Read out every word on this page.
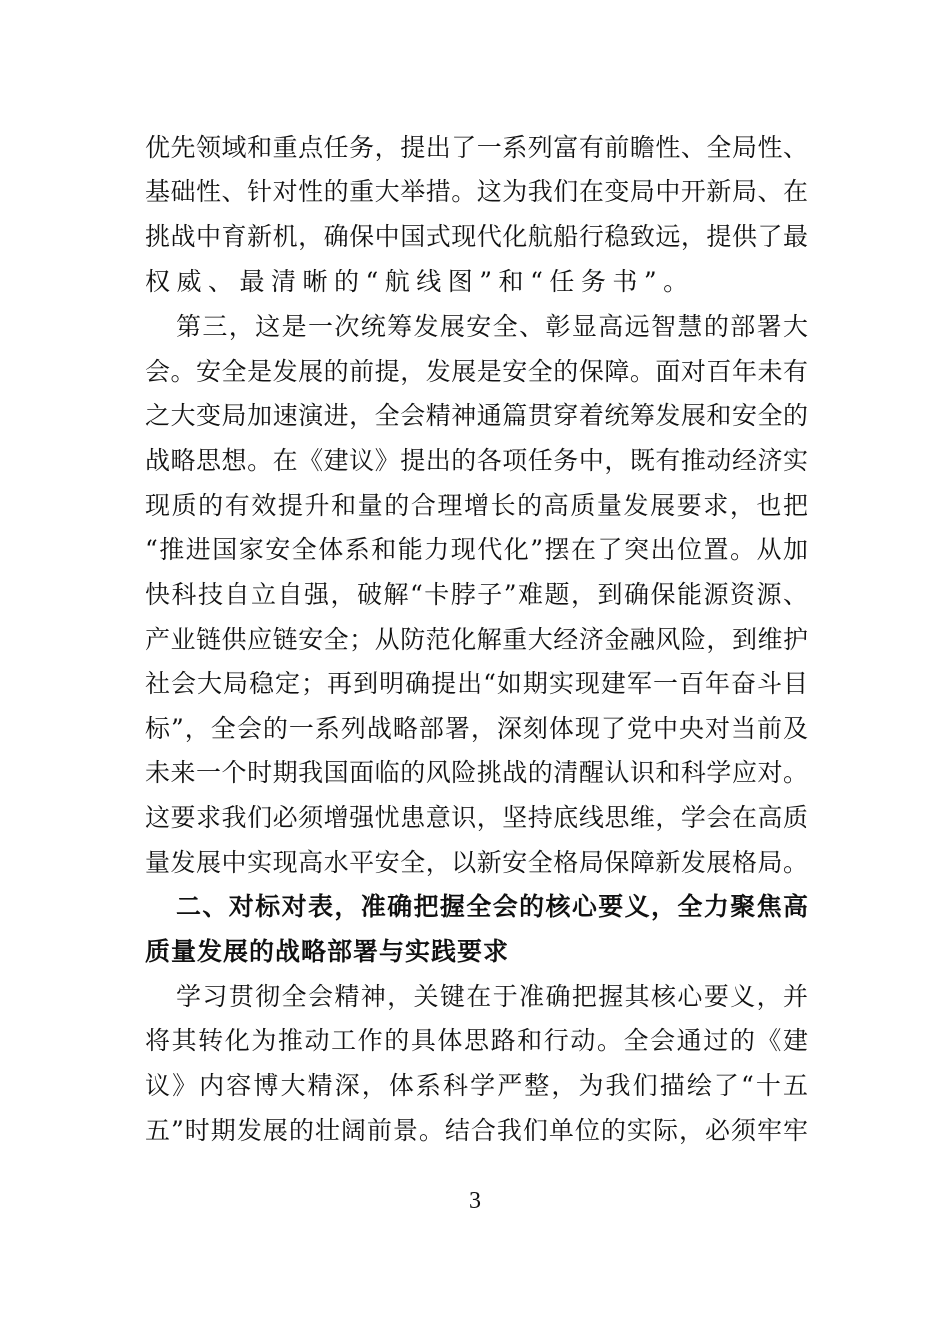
优先领域和重点任务，提出了一系列富有前瞻性、全局性、
基础性、针对性的重大举措。这为我们在变局中开新局、在
挑战中育新机，确保中国式现代化航船行稳致远，提供了最
权威、最清晰的“航线图”和“任务书”。
第三，这是一次统筹发展安全、彰显高远智慧的部署大
会。安全是发展的前提，发展是安全的保障。面对百年未有
之大变局加速演进，全会精神通篇贯穿着统筹发展和安全的
战略思想。在《建议》提出的各项任务中，既有推动经济实
现质的有效提升和量的合理增长的高质量发展要求，也把
“推进国家安全体系和能力现代化”摆在了突出位置。从加
快科技自立自强，破解“卡脖子”难题，到确保能源资源、
产业链供应链安全；从防范化解重大经济金融风险，到维护
社会大局稳定；再到明确提出“如期实现建军一百年奋斗目
标”，全会的一系列战略部署，深刻体现了党中央对当前及
未来一个时期我国面临的风险挑战的清醒认识和科学应对。
这要求我们必须增强忧患意识，坚持底线思维，学会在高质
量发展中实现高水平安全，以新安全格局保障新发展格局。
二、对标对表，准确把握全会的核心要义，全力聚焦高
质量发展的战略部署与实践要求
学习贯彻全会精神，关键在于准确把握其核心要义，并
将其转化为推动工作的具体思路和行动。全会通过的《建
议》内容博大精深，体系科学严整，为我们描绘了“十五
五”时期发展的壮阔前景。结合我们单位的实际，必须牢牢
3
